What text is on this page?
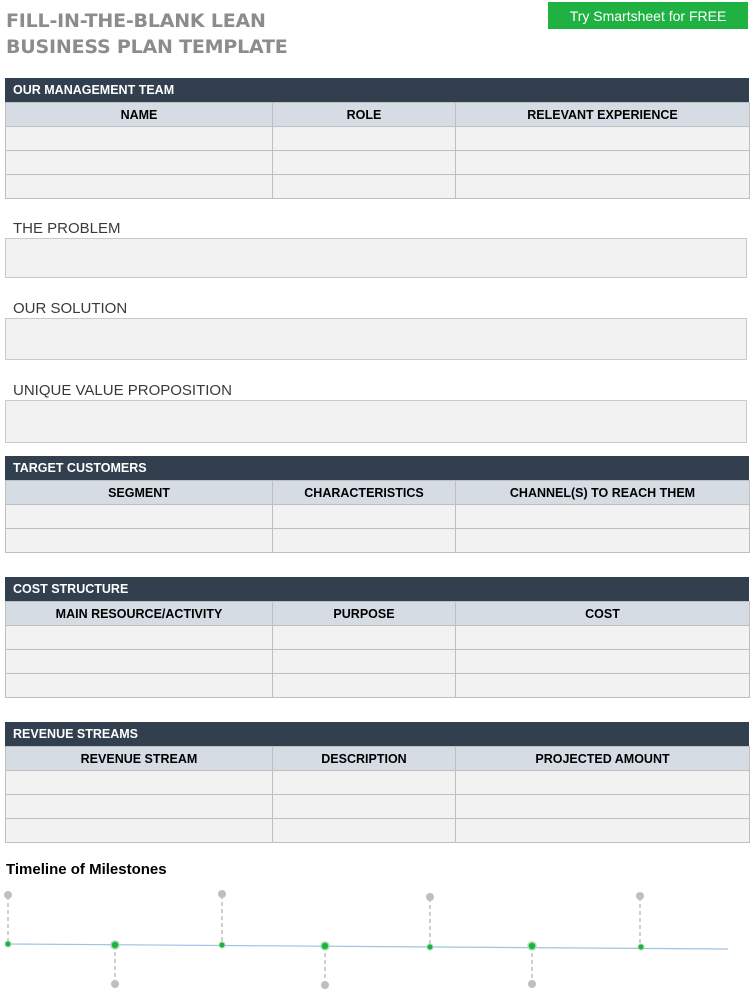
FILL-IN-THE-BLANK LEAN
BUSINESS PLAN TEMPLATE
Try Smartsheet for FREE
OUR MANAGEMENT TEAM
NAME	ROLE	RELEVANT EXPERIENCE

THE PROBLEM
OUR SOLUTION
UNIQUE VALUE PROPOSITION
TARGET CUSTOMERS
SEGMENT	CHARACTERISTICS	CHANNEL(S) TO REACH THEM

COST STRUCTURE
MAIN RESOURCE/ACTIVITY	PURPOSE	COST

REVENUE STREAMS
REVENUE STREAM	DESCRIPTION	PROJECTED AMOUNT

Timeline of Milestones
